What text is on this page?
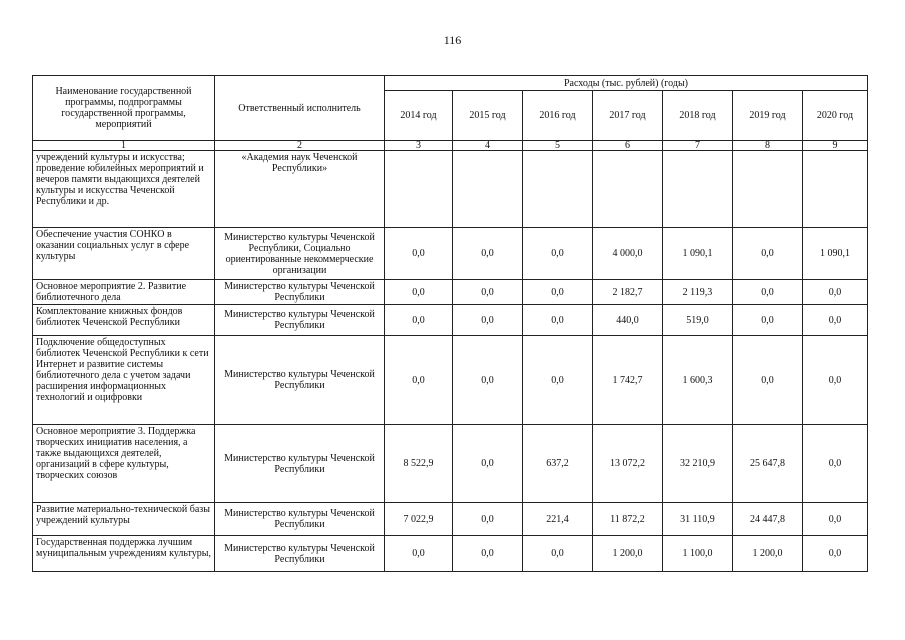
116
Наименование государственной программы, подпрограммы государственной программы, мероприятий	Ответственный исполнитель	Расходы (тыс. рублей) (годы)						
		2014 год	2015 год	2016 год	2017 год	2018 год	2019 год	2020 год
1	2	3	4	5	6	7	8	9
учреждений культуры и искусства; проведение юбилейных мероприятий и вечеров памяти выдающихся деятелей культуры и искусства Чеченской Республики и др.	«Академия наук Чеченской Республики»							
Обеспечение участия СОНКО в оказании социальных услуг в сфере культуры	Министерство культуры Чеченской Республики, Социально ориентированные некоммерческие организации	0,0	0,0	0,0	4 000,0	1 090,1	0,0	1 090,1
Основное мероприятие 2. Развитие библиотечного дела	Министерство культуры Чеченской Республики	0,0	0,0	0,0	2 182,7	2 119,3	0,0	0,0
Комплектование книжных фондов библиотек Чеченской Республики	Министерство культуры Чеченской Республики	0,0	0,0	0,0	440,0	519,0	0,0	0,0
Подключение общедоступных библиотек Чеченской Республики к сети Интернет и развитие системы библиотечного дела с учетом задачи расширения информационных технологий и оцифровки	Министерство культуры Чеченской Республики	0,0	0,0	0,0	1 742,7	1 600,3	0,0	0,0
Основное мероприятие 3. Поддержка творческих инициатив населения, а также выдающихся деятелей, организаций в сфере культуры, творческих союзов	Министерство культуры Чеченской Республики	8 522,9	0,0	637,2	13 072,2	32 210,9	25 647,8	0,0
Развитие материально-технической базы учреждений культуры	Министерство культуры Чеченской Республики	7 022,9	0,0	221,4	11 872,2	31 110,9	24 447,8	0,0
Государственная поддержка лучшим муниципальным учреждениям культуры,	Министерство культуры Чеченской Республики	0,0	0,0	0,0	1 200,0	1 100,0	1 200,0	0,0
